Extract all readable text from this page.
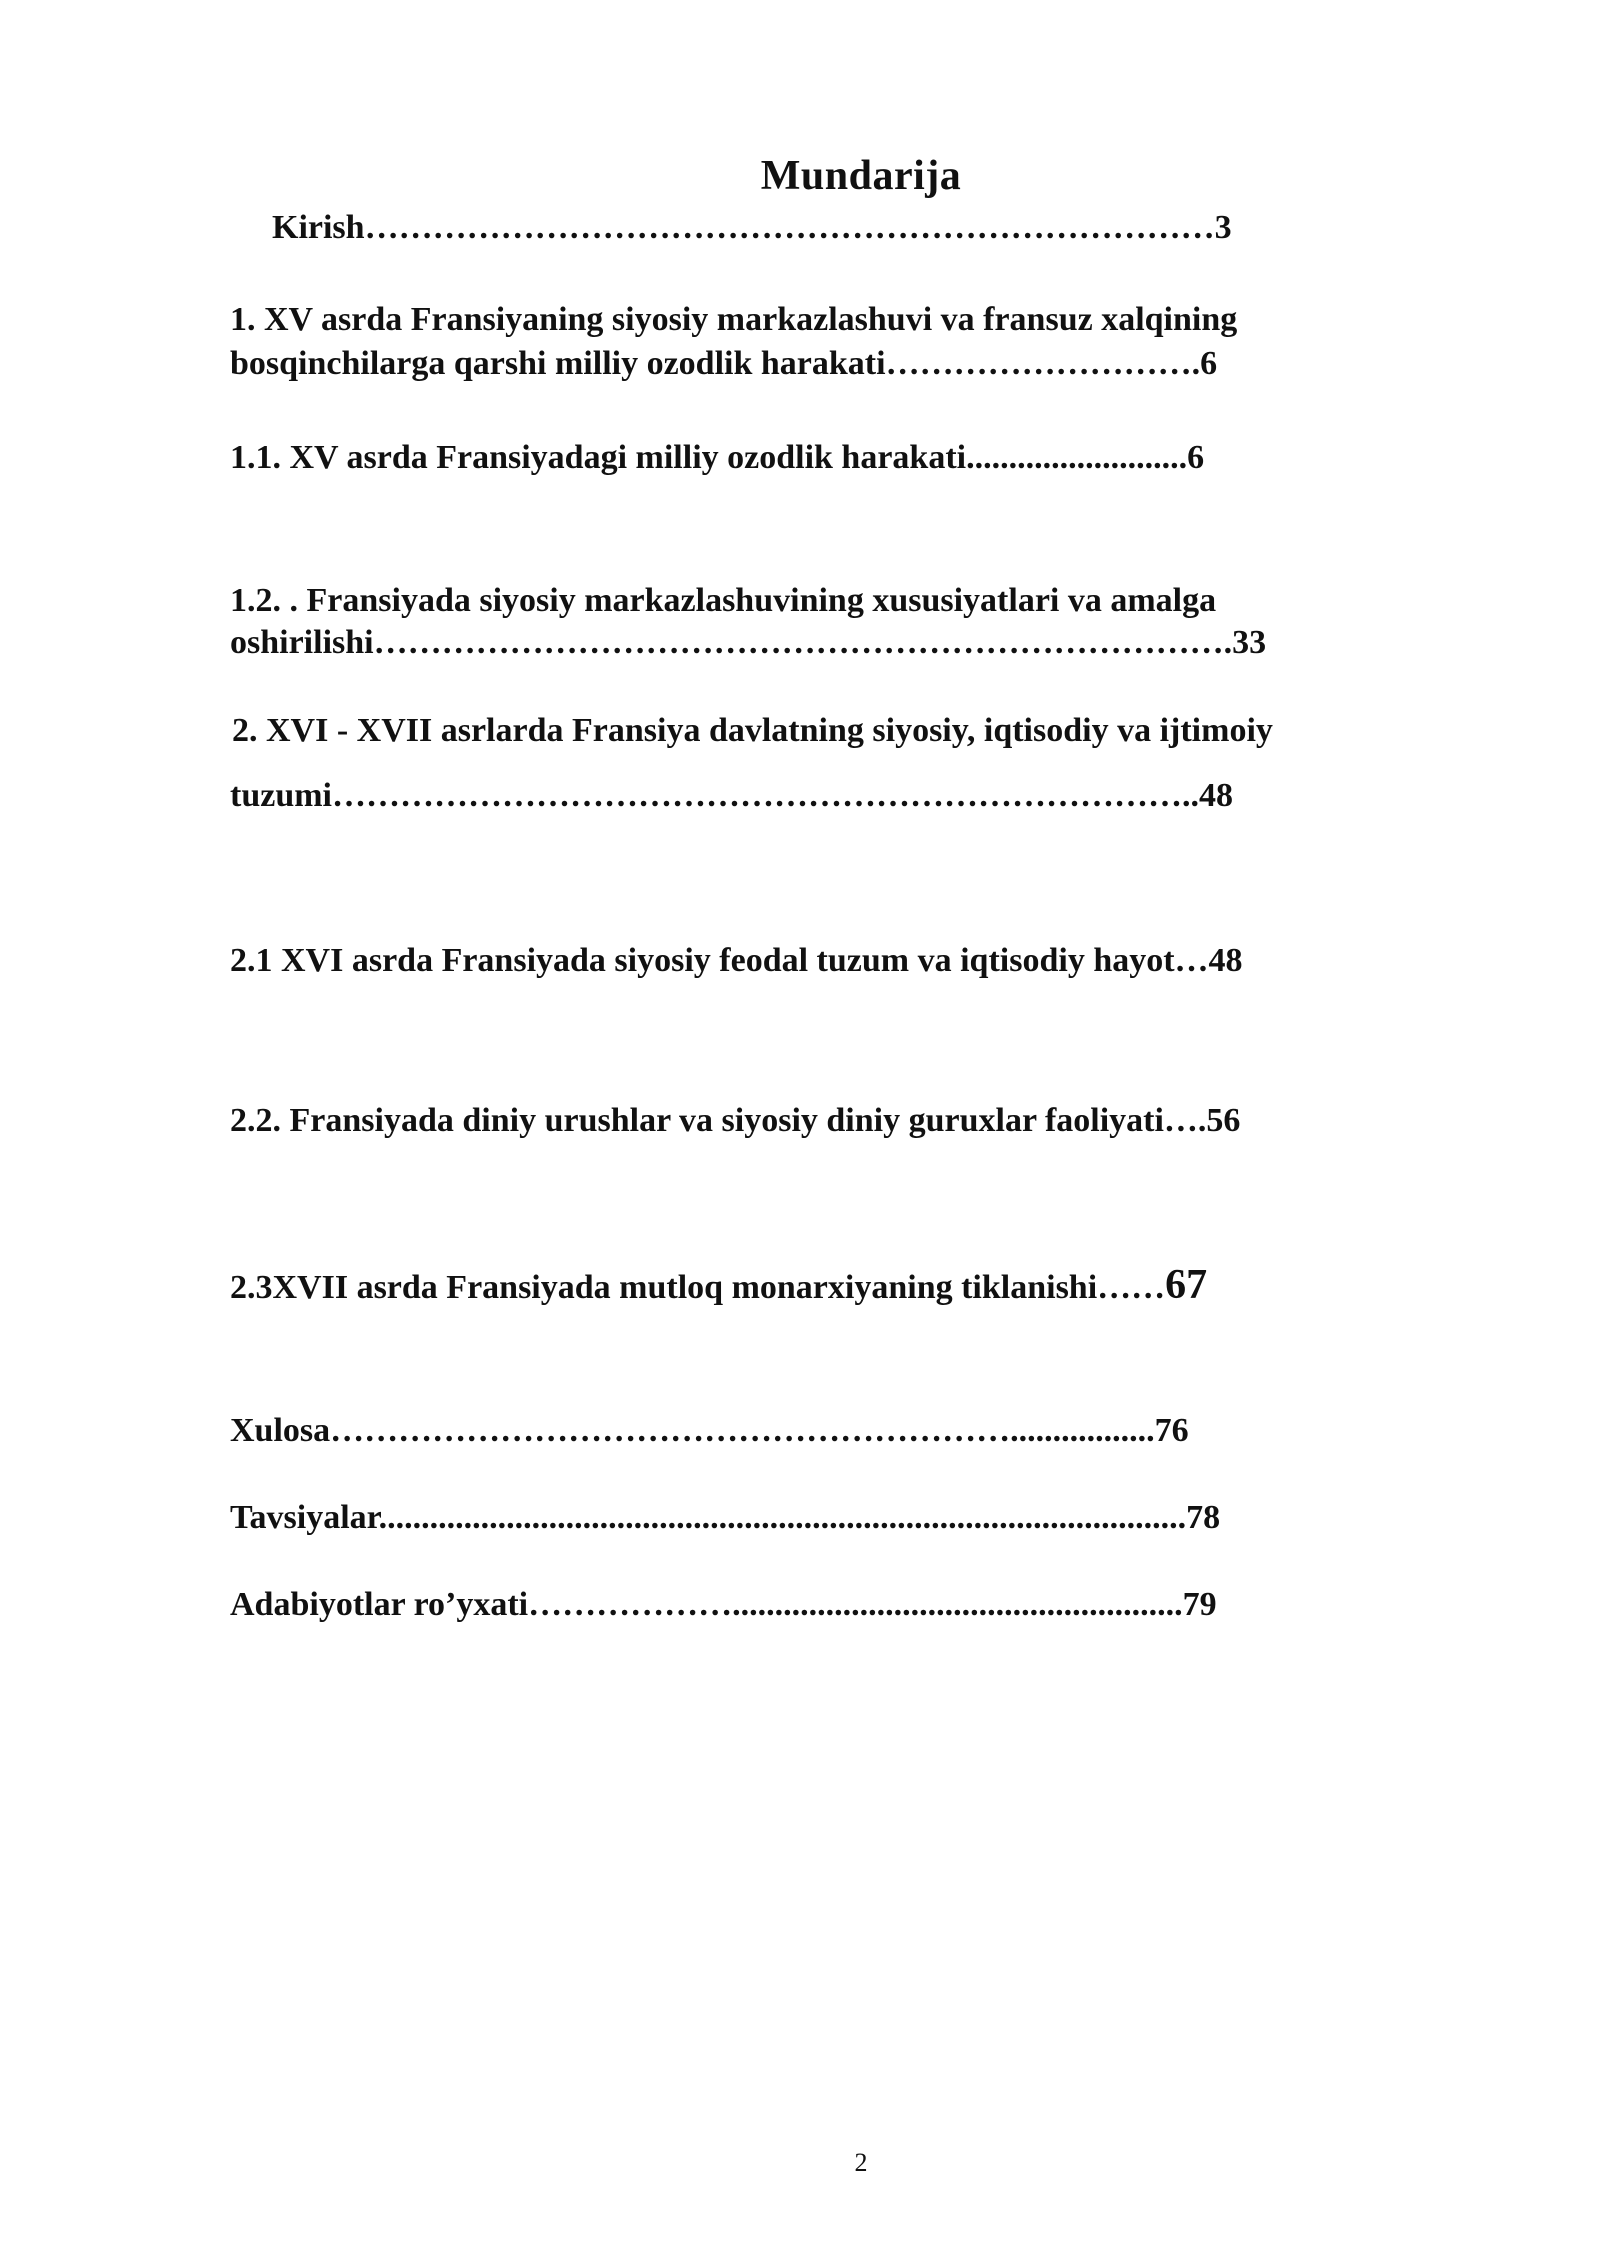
Mundarija

Kirish…………………………………………………………………3

1. XV asrda Fransiyaning siyosiy markazlashuvi va fransuz xalqining

bosqinchilarga qarshi milliy ozodlik harakati……………………….6

1.1. XV asrda Fransiyadagi milliy ozodlik harakati..........................6

1.2. . Fransiyada siyosiy markazlashuvining xususiyatlari va amalga

oshirilishi………………………………………………………………….33

2. XVI - XVII asrlarda Fransiya davlatning siyosiy, iqtisodiy va ijtimoiy

tuzumi…………………………………………………………………..48

2.1 XVI asrda Fransiyada siyosiy feodal tuzum va iqtisodiy hayot…48

2.2. Fransiyada diniy urushlar va siyosiy diniy guruxlar faoliyati….56

2.3XVII asrda Fransiyada mutloq monarxiyaning tiklanishi……67

Xulosa…………………………………………………….................76

Tavsiyalar...............................................................................................78

Adabiyotlar ro’yxati……………….....................................................79

2
